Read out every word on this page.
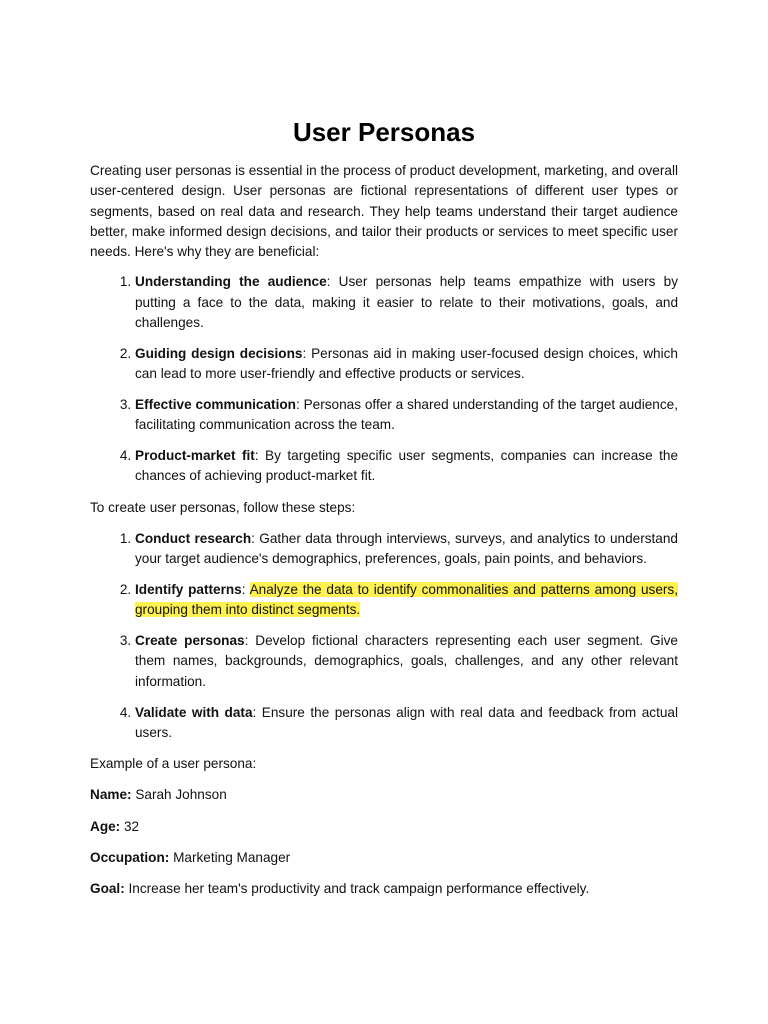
User Personas

Creating user personas is essential in the process of product development, marketing, and overall user-centered design. User personas are fictional representations of different user types or segments, based on real data and research. They help teams understand their target audience better, make informed design decisions, and tailor their products or services to meet specific user needs. Here's why they are beneficial:

1. Understanding the audience: User personas help teams empathize with users by putting a face to the data, making it easier to relate to their motivations, goals, and challenges.
2. Guiding design decisions: Personas aid in making user-focused design choices, which can lead to more user-friendly and effective products or services.
3. Effective communication: Personas offer a shared understanding of the target audience, facilitating communication across the team.
4. Product-market fit: By targeting specific user segments, companies can increase the chances of achieving product-market fit.

To create user personas, follow these steps:

1. Conduct research: Gather data through interviews, surveys, and analytics to understand your target audience's demographics, preferences, goals, pain points, and behaviors.
2. Identify patterns: Analyze the data to identify commonalities and patterns among users, grouping them into distinct segments.
3. Create personas: Develop fictional characters representing each user segment. Give them names, backgrounds, demographics, goals, challenges, and any other relevant information.
4. Validate with data: Ensure the personas align with real data and feedback from actual users.

Example of a user persona:

Name: Sarah Johnson

Age: 32

Occupation: Marketing Manager

Goal: Increase her team's productivity and track campaign performance effectively.
